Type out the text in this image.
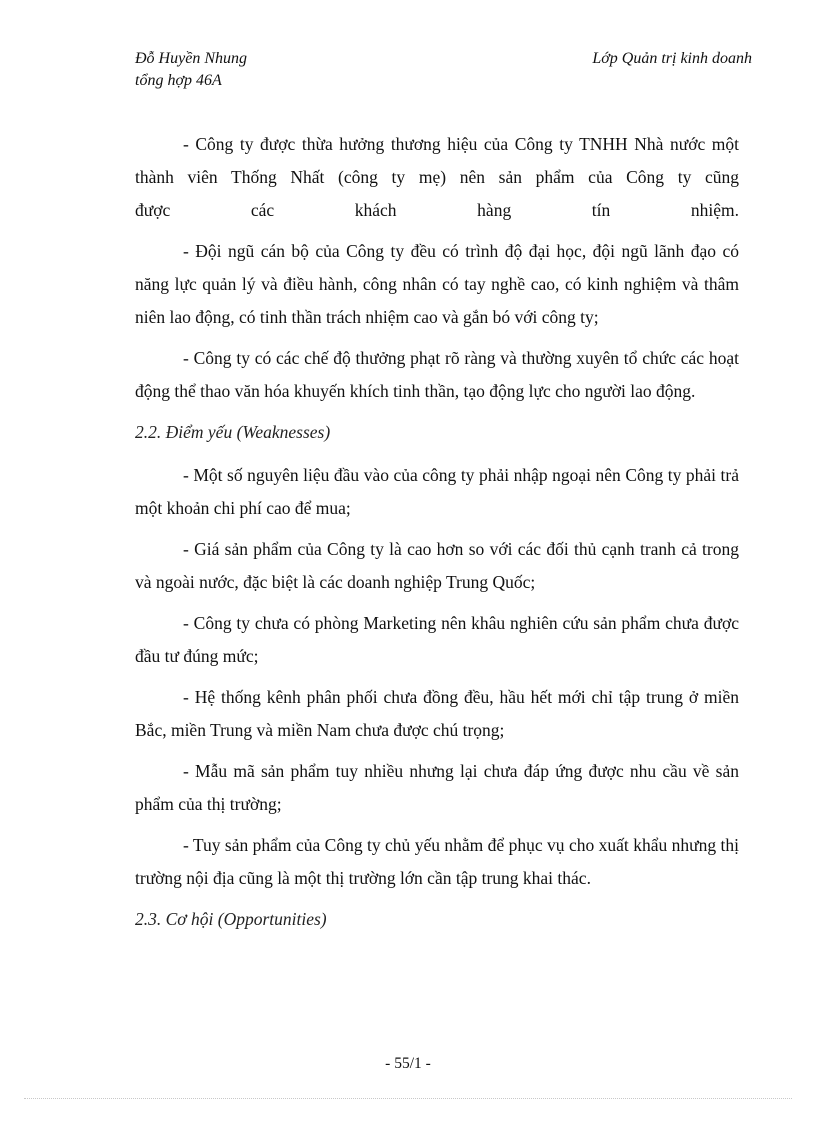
Đỗ Huyền Nhung
tổng hợp 46A
Lớp Quản trị kinh doanh

- Công ty được thừa hưởng thương hiệu của Công ty TNHH Nhà nước một thành viên Thống Nhất (công ty mẹ) nên sản phẩm của Công ty cũng

được các khách hàng tín nhiệm.

- Đội ngũ cán bộ của Công ty đều có trình độ đại học, đội ngũ lãnh đạo có năng lực quản lý và điều hành, công nhân có tay nghề cao, có kinh nghiệm và thâm niên lao động, có tinh thần trách nhiệm cao và gắn bó với công ty;

- Công ty có các chế độ thưởng phạt rõ ràng và thường xuyên tổ chức các hoạt động thể thao văn hóa khuyến khích tinh thần, tạo động lực cho người lao động.

2.2. Điểm yếu (Weaknesses)

- Một số nguyên liệu đầu vào của công ty phải nhập ngoại nên Công ty phải trả một khoản chi phí cao để mua;

- Giá sản phẩm của Công ty là cao hơn so với các đối thủ cạnh tranh cả trong và ngoài nước, đặc biệt là các doanh nghiệp Trung Quốc;

- Công ty chưa có phòng Marketing nên khâu nghiên cứu sản phẩm chưa được đầu tư đúng mức;

- Hệ thống kênh phân phối chưa đồng đều, hầu hết mới chỉ tập trung ở miền Bắc, miền Trung và miền Nam chưa được chú trọng;

- Mẫu mã sản phẩm tuy nhiều nhưng lại chưa đáp ứng được nhu cầu về sản phẩm của thị trường;

- Tuy sản phẩm của Công ty chủ yếu nhằm để phục vụ cho xuất khẩu nhưng thị trường nội địa cũng là một thị trường lớn cần tập trung khai thác.

2.3. Cơ hội (Opportunities)
- 55/1 -
